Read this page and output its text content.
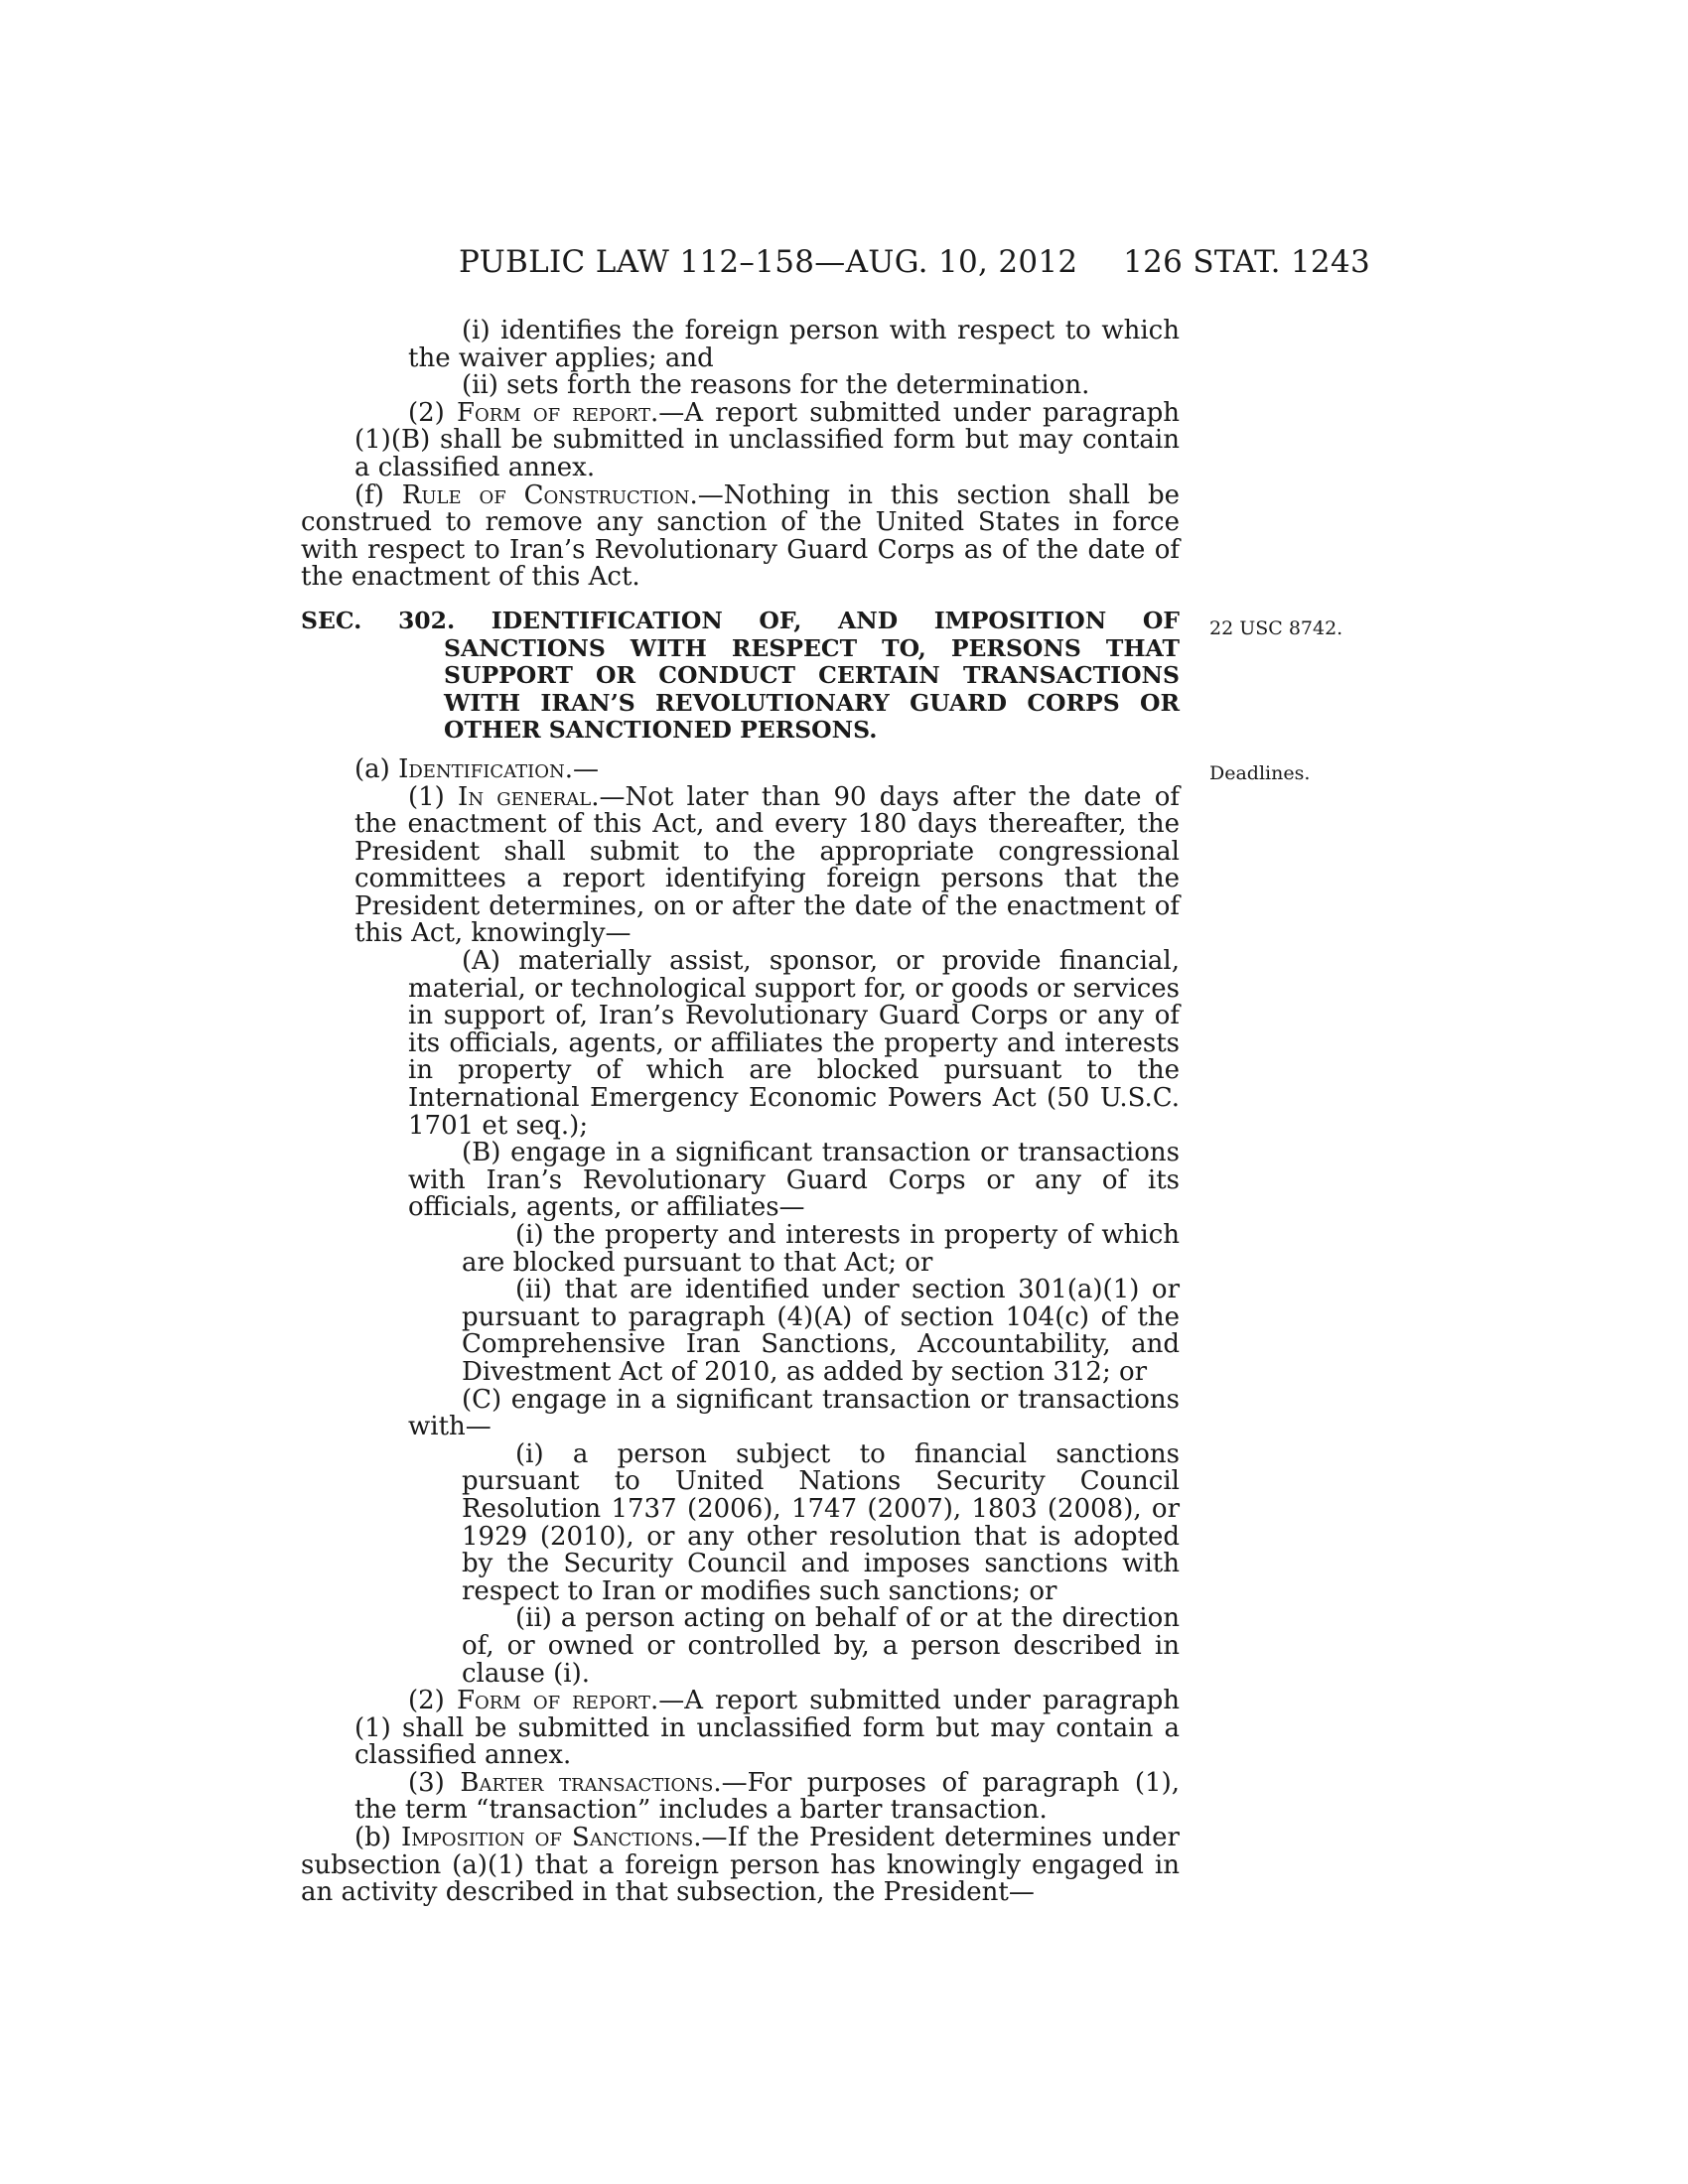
PUBLIC LAW 112–158—AUG. 10, 2012 126 STAT. 1243
22 USC 8742.
Deadlines.

(i) identifies the foreign person with respect to which the waiver applies; and

(ii) sets forth the reasons for the determination.

(2) Form of report.—A report submitted under paragraph (1)(B) shall be submitted in unclassified form but may contain a classified annex.

(f) Rule of Construction.—Nothing in this section shall be construed to remove any sanction of the United States in force with respect to Iran’s Revolutionary Guard Corps as of the date of the enactment of this Act.

SEC. 302. IDENTIFICATION OF, AND IMPOSITION OF SANCTIONS WITH RESPECT TO, PERSONS THAT SUPPORT OR CONDUCT CERTAIN TRANSACTIONS WITH IRAN’S REVOLUTIONARY GUARD CORPS OR OTHER SANCTIONED PERSONS.

(a) Identification.—

(1) In general.—Not later than 90 days after the date of the enactment of this Act, and every 180 days thereafter, the President shall submit to the appropriate congressional committees a report identifying foreign persons that the President determines, on or after the date of the enactment of this Act, knowingly—

(A) materially assist, sponsor, or provide financial, material, or technological support for, or goods or services in support of, Iran’s Revolutionary Guard Corps or any of its officials, agents, or affiliates the property and interests in property of which are blocked pursuant to the International Emergency Economic Powers Act (50 U.S.C. 1701 et seq.);

(B) engage in a significant transaction or transactions with Iran’s Revolutionary Guard Corps or any of its officials, agents, or affiliates—

(i) the property and interests in property of which are blocked pursuant to that Act; or

(ii) that are identified under section 301(a)(1) or pursuant to paragraph (4)(A) of section 104(c) of the Comprehensive Iran Sanctions, Accountability, and Divestment Act of 2010, as added by section 312; or

(C) engage in a significant transaction or transactions with—

(i) a person subject to financial sanctions pursuant to United Nations Security Council Resolution 1737 (2006), 1747 (2007), 1803 (2008), or 1929 (2010), or any other resolution that is adopted by the Security Council and imposes sanctions with respect to Iran or modifies such sanctions; or

(ii) a person acting on behalf of or at the direction of, or owned or controlled by, a person described in clause (i).

(2) Form of report.—A report submitted under paragraph (1) shall be submitted in unclassified form but may contain a classified annex.

(3) Barter transactions.—For purposes of paragraph (1), the term “transaction” includes a barter transaction.

(b) Imposition of Sanctions.—If the President determines under subsection (a)(1) that a foreign person has knowingly engaged in an activity described in that subsection, the President—
